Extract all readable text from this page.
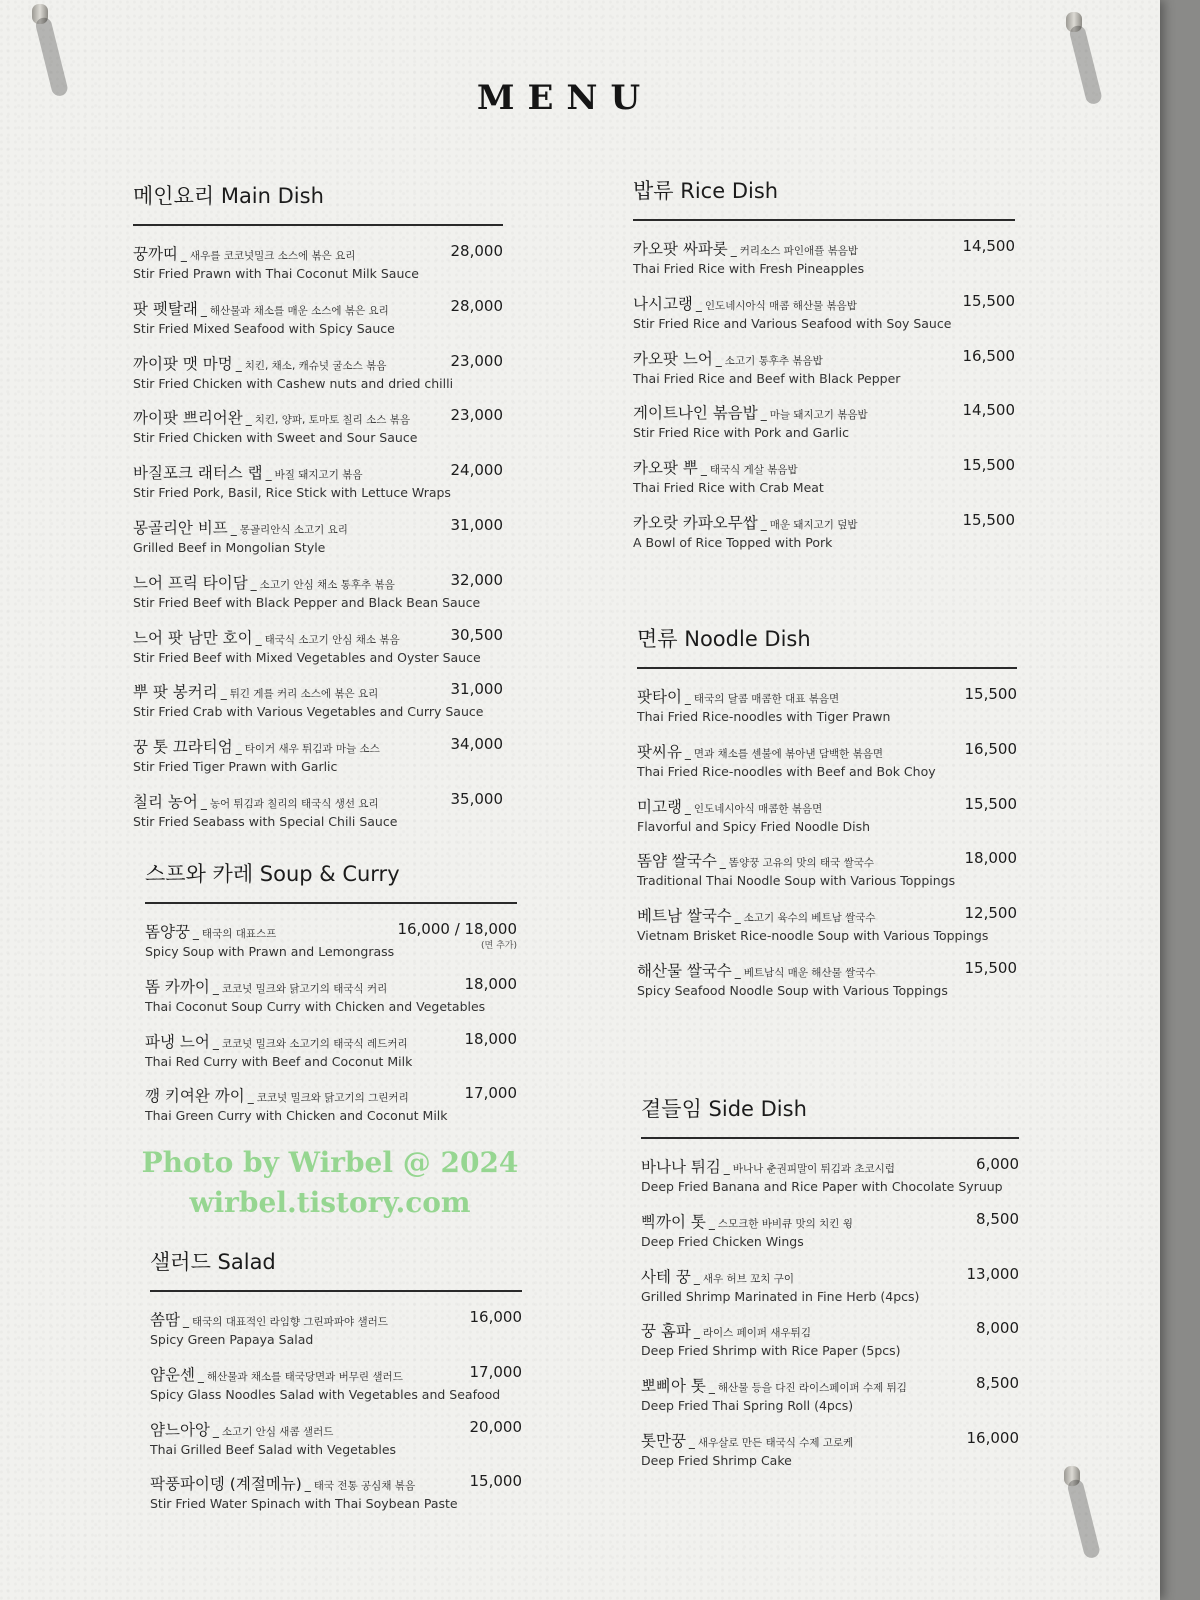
MENU
메인요리 Main Dish
꿍까띠 _ 새우를 코코넛밀크 소스에 볶은 요리
Stir Fried Prawn with Thai Coconut Milk Sauce
28,000
팟 펫탈래 _ 해산물과 채소를 매운 소스에 볶은 요리
Stir Fried Mixed Seafood with Spicy Sauce
28,000
까이팟 맷 마멍 _ 치킨, 채소, 캐슈넛 굴소스 볶음
Stir Fried Chicken with Cashew nuts and dried chilli
23,000
까이팟 쁘리어완 _ 치킨, 양파, 토마토 칠리 소스 볶음
Stir Fried Chicken with Sweet and Sour Sauce
23,000
바질포크 래터스 랩 _ 바질 돼지고기 볶음
Stir Fried Pork, Basil, Rice Stick with Lettuce Wraps
24,000
몽골리안 비프 _ 몽골리안식 소고기 요리
Grilled Beef in Mongolian Style
31,000
느어 프릭 타이담 _ 소고기 안심 채소 통후추 볶음
Stir Fried Beef with Black Pepper and Black Bean Sauce
32,000
느어 팟 남만 호이 _ 태국식 소고기 안심 채소 볶음
Stir Fried Beef with Mixed Vegetables and Oyster Sauce
30,500
뿌 팟 봉커리 _ 튀긴 게를 커리 소스에 볶은 요리
Stir Fried Crab with Various Vegetables and Curry Sauce
31,000
꿍 톳 끄라티엄 _ 타이거 새우 튀김과 마늘 소스
Stir Fried Tiger Prawn with Garlic
34,000
칠리 농어 _ 농어 튀김과 칠리의 태국식 생선 요리
Stir Fried Seabass with Special Chili Sauce
35,000
스프와 카레 Soup & Curry
똠양꿍 _ 태국의 대표스프
Spicy Soup with Prawn and Lemongrass
16,000 / 18,000
(면 추가)
똠 카까이 _ 코코넛 밀크와 닭고기의 태국식 커리
Thai Coconut Soup Curry with Chicken and Vegetables
18,000
파냉 느어 _ 코코넛 밀크와 소고기의 태국식 레드커리
Thai Red Curry with Beef and Coconut Milk
18,000
깽 키여완 까이 _ 코코넛 밀크와 닭고기의 그린커리
Thai Green Curry with Chicken and Coconut Milk
17,000
샐러드 Salad
쏨땀 _ 태국의 대표적인 라임향 그린파파야 샐러드
Spicy Green Papaya Salad
16,000
얌운센 _ 해산물과 채소를 태국당면과 버무린 샐러드
Spicy Glass Noodles Salad with Vegetables and Seafood
17,000
얌느아앙 _ 소고기 안심 새콤 샐러드
Thai Grilled Beef Salad with Vegetables
20,000
팍풍파이뎅 (계절메뉴) _ 태국 전통 공심채 볶음
Stir Fried Water Spinach with Thai Soybean Paste
15,000
밥류 Rice Dish
카오팟 싸파롯 _ 커리소스 파인애플 볶음밥
Thai Fried Rice with Fresh Pineapples
14,500
나시고랭 _ 인도네시아식 매콤 해산물 볶음밥
Stir Fried Rice and Various Seafood with Soy Sauce
15,500
카오팟 느어 _ 소고기 통후추 볶음밥
Thai Fried Rice and Beef with Black Pepper
16,500
게이트나인 볶음밥 _ 마늘 돼지고기 볶음밥
Stir Fried Rice with Pork and Garlic
14,500
카오팟 뿌 _ 태국식 게살 볶음밥
Thai Fried Rice with Crab Meat
15,500
카오랏 카파오무쌉 _ 매운 돼지고기 덮밥
A Bowl of Rice Topped with Pork
15,500
면류 Noodle Dish
팟타이 _ 태국의 달콤 매콤한 대표 볶음면
Thai Fried Rice-noodles with Tiger Prawn
15,500
팟씨유 _ 면과 채소를 센불에 볶아낸 담백한 볶음면
Thai Fried Rice-noodles with Beef and Bok Choy
16,500
미고랭 _ 인도네시아식 매콤한 볶음면
Flavorful and Spicy Fried Noodle Dish
15,500
똠얌 쌀국수 _ 똠양꿍 고유의 맛의 태국 쌀국수
Traditional Thai Noodle Soup with Various Toppings
18,000
베트남 쌀국수 _ 소고기 육수의 베트남 쌀국수
Vietnam Brisket Rice-noodle Soup with Various Toppings
12,500
해산물 쌀국수 _ 베트남식 매운 해산물 쌀국수
Spicy Seafood Noodle Soup with Various Toppings
15,500
곁들임 Side Dish
바나나 튀김 _ 바나나 춘권피말이 튀김과 초코시럽
Deep Fried Banana and Rice Paper with Chocolate Syruup
6,000
삑까이 톳 _ 스모크한 바비큐 맛의 치킨 윙
Deep Fried Chicken Wings
8,500
사테 꿍 _ 새우 허브 꼬치 구이
Grilled Shrimp Marinated in Fine Herb (4pcs)
13,000
꿍 홈파 _ 라이스 페이퍼 새우튀김
Deep Fried Shrimp with Rice Paper (5pcs)
8,000
뽀삐아 톳 _ 해산물 등을 다진 라이스페이퍼 수제 튀김
Deep Fried Thai Spring Roll (4pcs)
8,500
톳만꿍 _ 새우살로 만든 태국식 수제 고로케
Deep Fried Shrimp Cake
16,000
Photo by Wirbel @ 2024
wirbel.tistory.com
